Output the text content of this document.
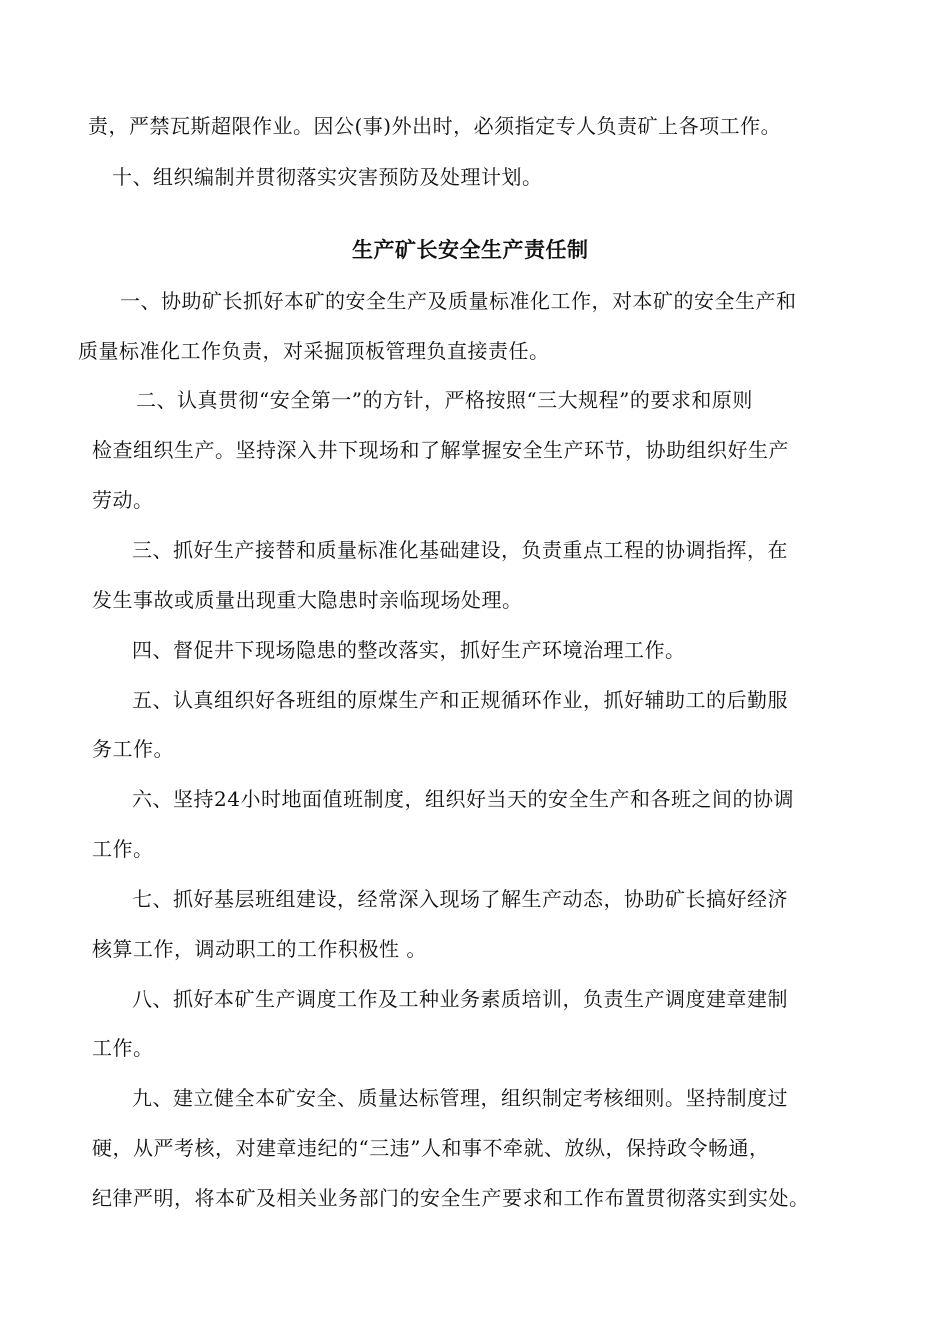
责，严禁瓦斯超限作业。因公(事)外出时，必须指定专人负责矿上各项工作。
十、组织编制并贯彻落实灾害预防及处理计划。
生产矿长安全生产责任制
一、协助矿长抓好本矿的安全生产及质量标准化工作，对本矿的安全生产和
质量标准化工作负责，对采掘顶板管理负直接责任。
二、认真贯彻“安全第一”的方针，严格按照“三大规程”的要求和原则
检查组织生产。坚持深入井下现场和了解掌握安全生产环节，协助组织好生产
劳动。
三、抓好生产接替和质量标准化基础建设，负责重点工程的协调指挥，在
发生事故或质量出现重大隐患时亲临现场处理。
四、督促井下现场隐患的整改落实，抓好生产环境治理工作。
五、认真组织好各班组的原煤生产和正规循环作业，抓好辅助工的后勤服
务工作。
六、坚持24小时地面值班制度，组织好当天的安全生产和各班之间的协调
工作。
七、抓好基层班组建设，经常深入现场了解生产动态，协助矿长搞好经济
核算工作，调动职工的工作积极性 。
八、抓好本矿生产调度工作及工种业务素质培训，负责生产调度建章建制
工作。
九、建立健全本矿安全、质量达标管理，组织制定考核细则。坚持制度过
硬，从严考核，对建章违纪的“三违”人和事不牵就、放纵，保持政令畅通，
纪律严明，将本矿及相关业务部门的安全生产要求和工作布置贯彻落实到实处。
